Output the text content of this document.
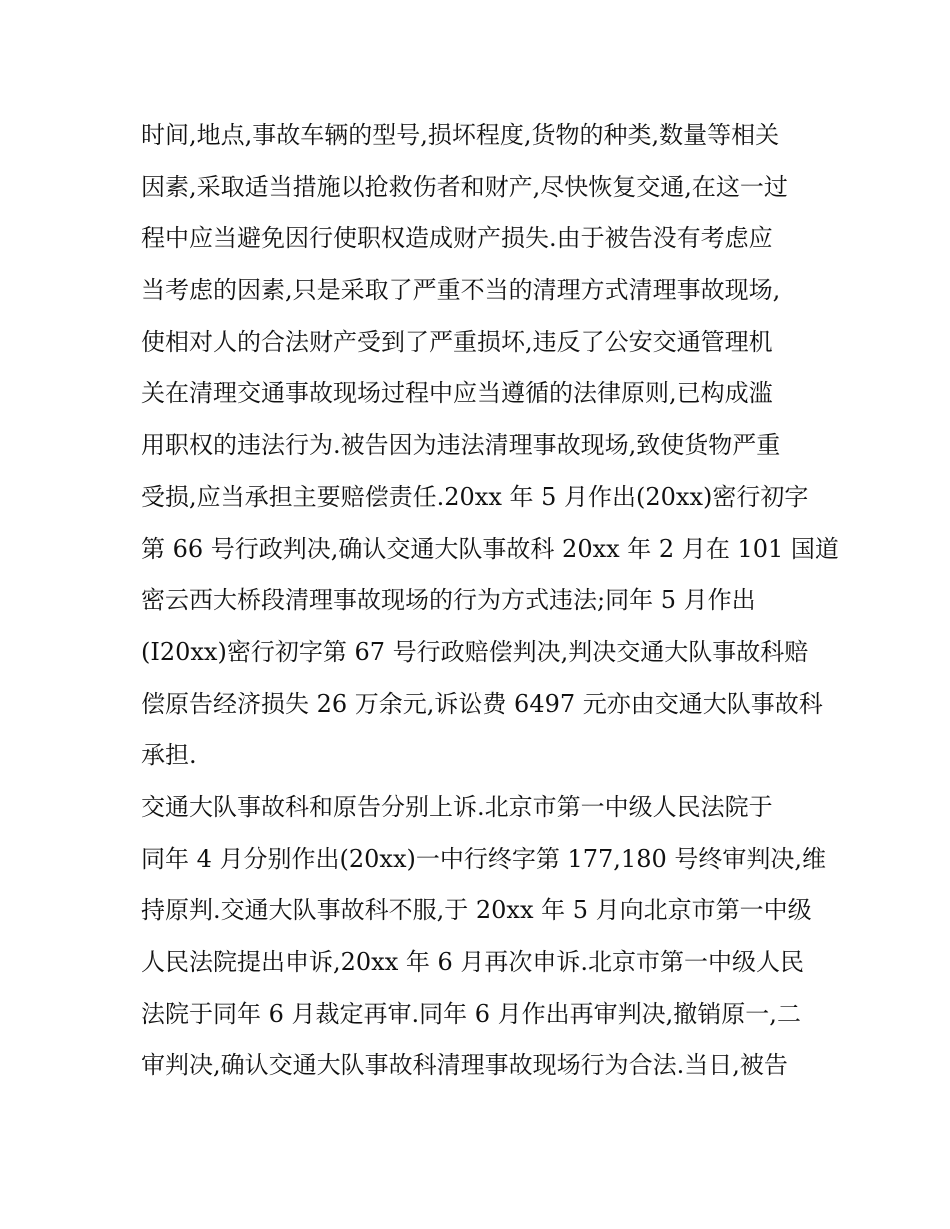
时间,地点,事故车辆的型号,损坏程度,货物的种类,数量等相关
因素,采取适当措施以抢救伤者和财产,尽快恢复交通,在这一过
程中应当避免因行使职权造成财产损失.由于被告没有考虑应
当考虑的因素,只是采取了严重不当的清理方式清理事故现场,
使相对人的合法财产受到了严重损坏,违反了公安交通管理机
关在清理交通事故现场过程中应当遵循的法律原则,已构成滥
用职权的违法行为.被告因为违法清理事故现场,致使货物严重
受损,应当承担主要赔偿责任.20xx 年 5 月作出(20xx)密行初字
第 66 号行政判决,确认交通大队事故科 20xx 年 2 月在 101 国道
密云西大桥段清理事故现场的行为方式违法;同年 5 月作出
(I20xx)密行初字第 67 号行政赔偿判决,判决交通大队事故科赔
偿原告经济损失 26 万余元,诉讼费 6497 元亦由交通大队事故科
承担.
交通大队事故科和原告分别上诉.北京市第一中级人民法院于
同年 4 月分别作出(20xx)一中行终字第 177,180 号终审判决,维
持原判.交通大队事故科不服,于 20xx 年 5 月向北京市第一中级
人民法院提出申诉,20xx 年 6 月再次申诉.北京市第一中级人民
法院于同年 6 月裁定再审.同年 6 月作出再审判决,撤销原一,二
审判决,确认交通大队事故科清理事故现场行为合法.当日,被告
